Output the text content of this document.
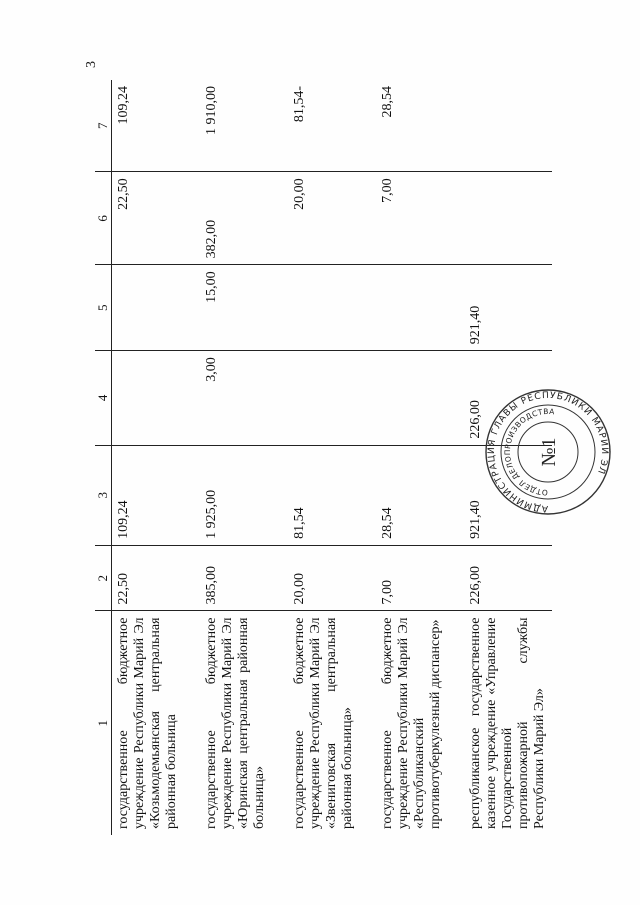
3
1	2	3	4	5	6	7
государственное бюджетное учреждение Республики Марий Эл «Козьмодемьянская центральная районная больница	22,50	109,24			22,50	109,24
государственное бюджетное учреждение Республики Марий Эл «Юринская центральная районная больница»	385,00	1 925,00	3,00	15,00	382,00	1 910,00
государственное бюджетное учреждение Республики Марий Эл «Звениговская центральная районная больница»	20,00	81,54			20,00	81,54-
государственное бюджетное учреждение Республики Марий Эл «Республиканский противотуберкулезный диспансер»	7,00	28,54			7,00	28,54
республиканское государственное казенное учреждение «Управление Государственной противопожарной службы Республики Марий Эл»	226,00	921,40	226,00	921,40		
АДМИНИСТРАЦИЯ ГЛАВЫ РЕСПУБЛИКИ МАРИЙ ЭЛ
ОТДЕЛ ДЕЛОПРОИЗВОДСТВА
№1
